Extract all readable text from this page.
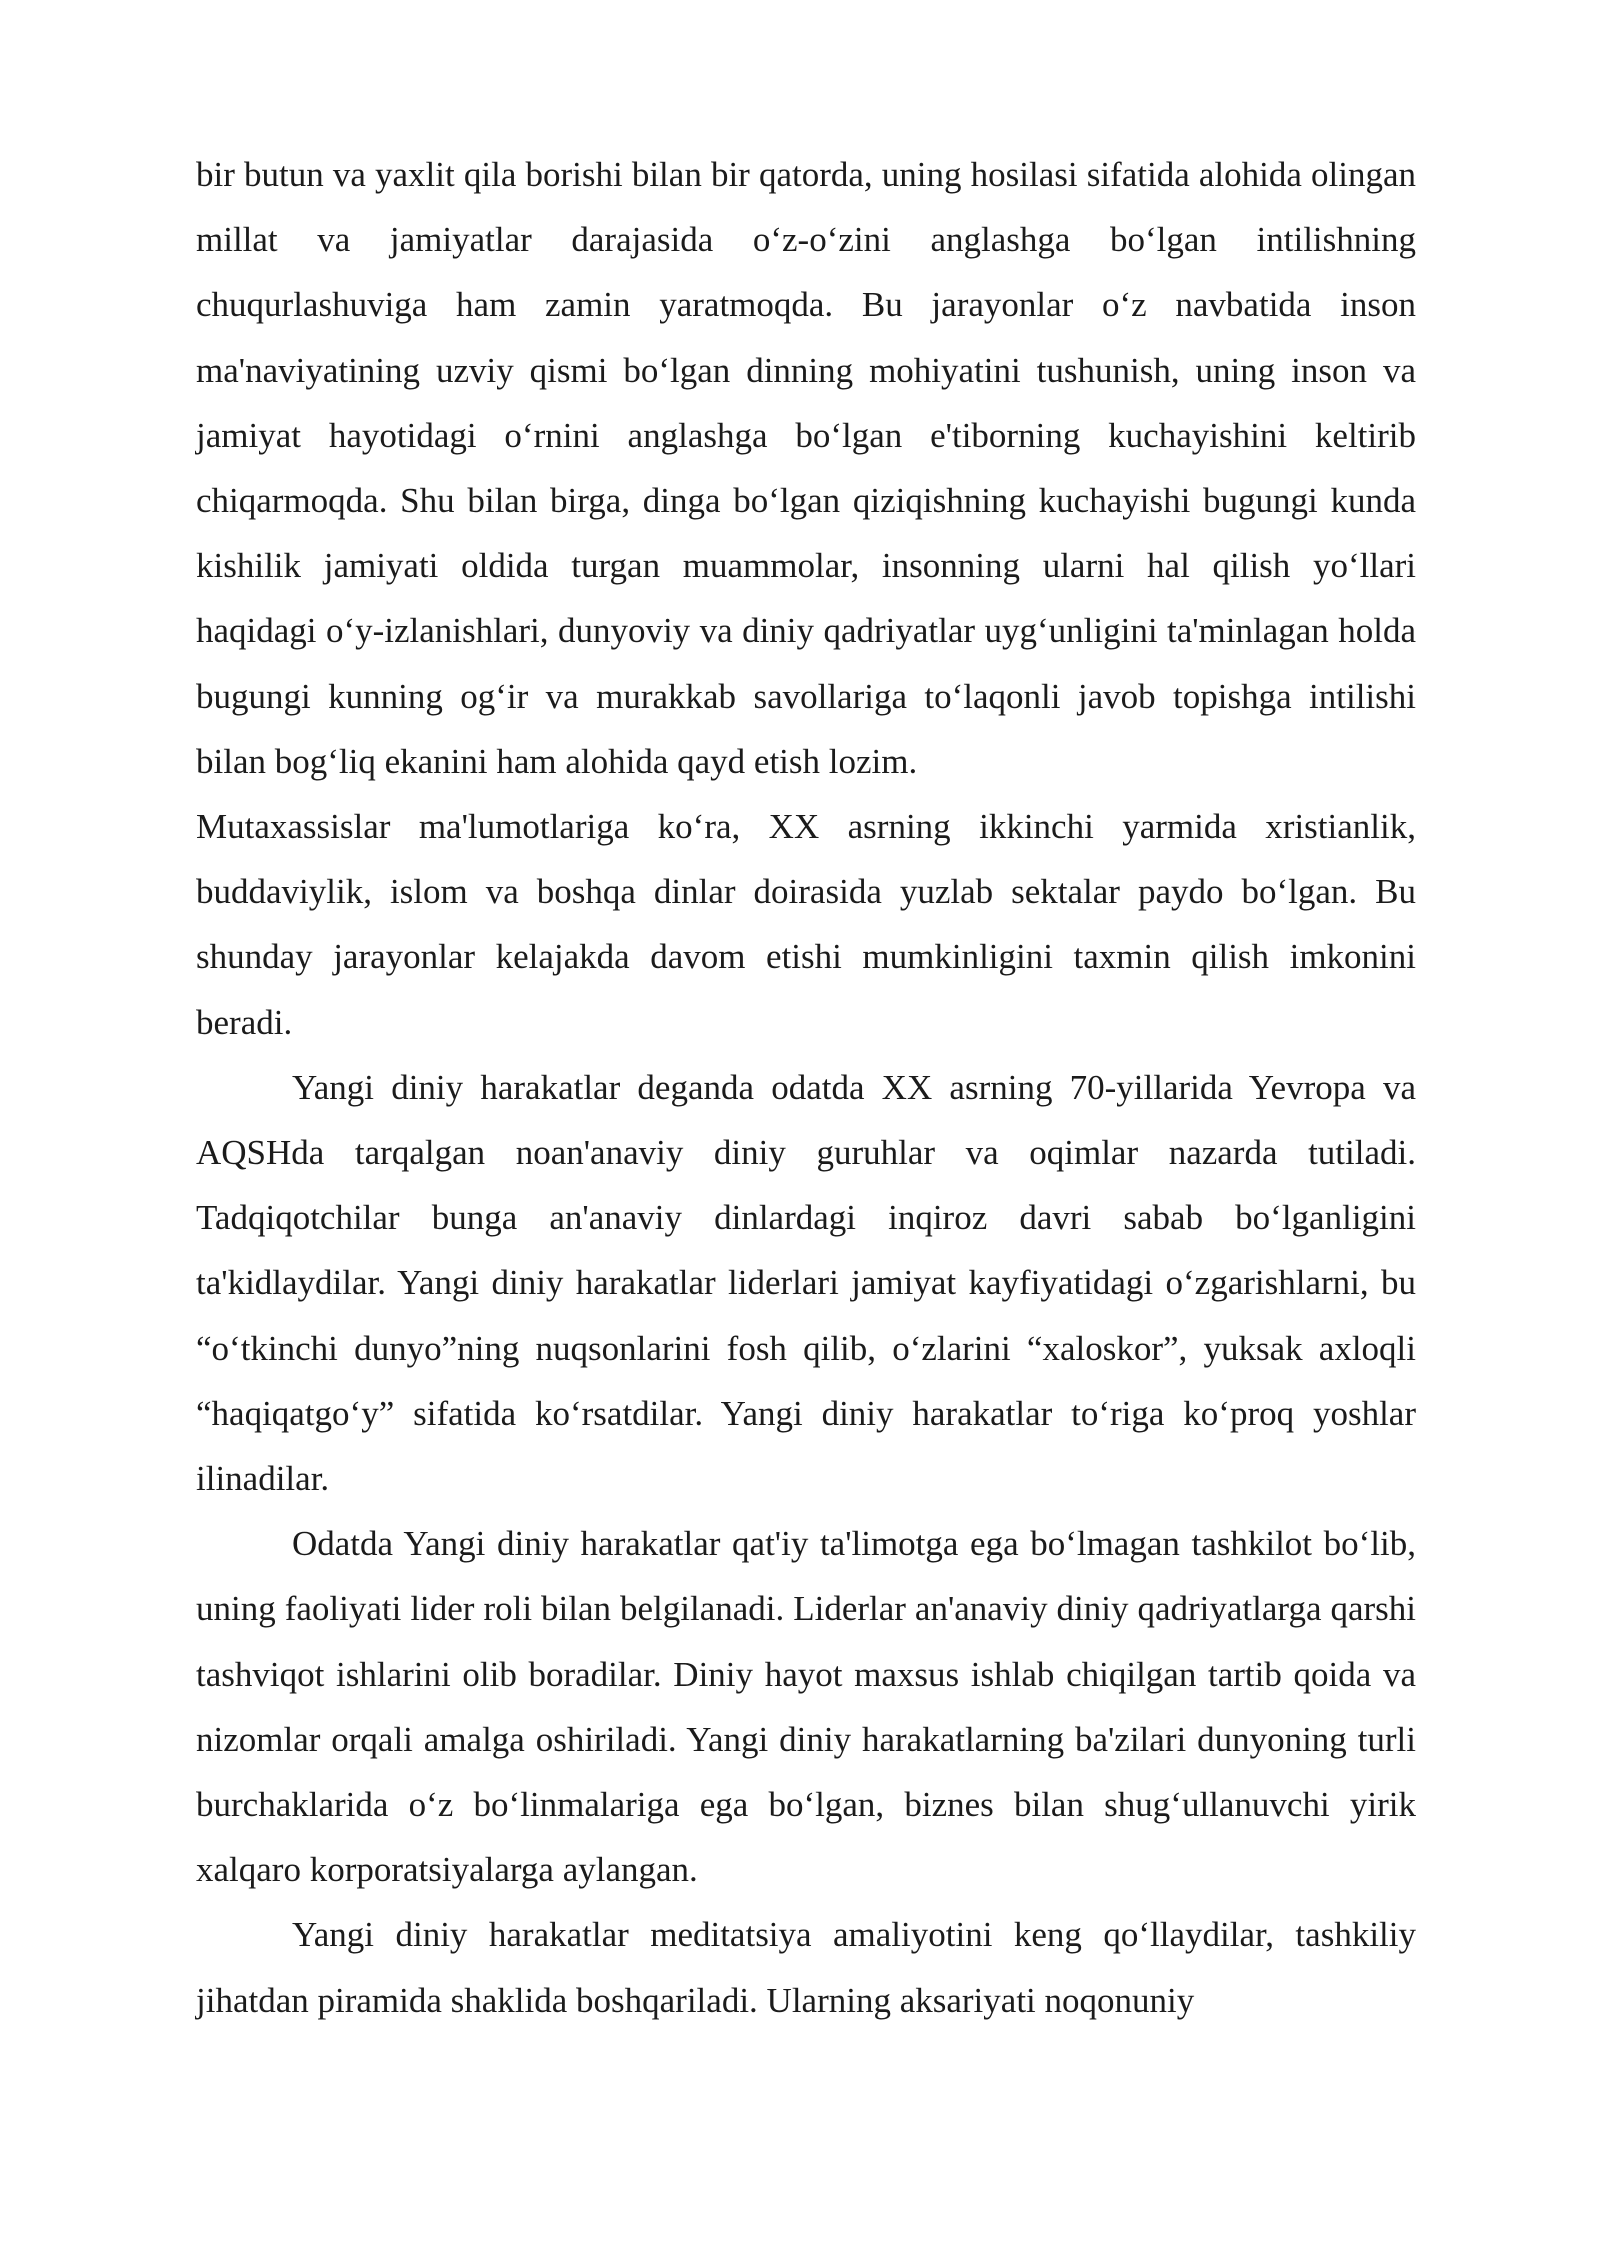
bir butun va yaxlit qila borishi bilan bir qatorda, uning hosilasi sifatida alohida olingan millat va jamiyatlar darajasida oʻz-oʻzini anglashga boʻlgan intilishning chuqurlashuviga ham zamin yaratmoqda. Bu jarayonlar oʻz navbatida inson ma'naviyatining uzviy qismi boʻlgan dinning mohiyatini tushunish, uning inson va jamiyat hayotidagi oʻrnini anglashga boʻlgan e'tiborning kuchayishini keltirib chiqarmoqda. Shu bilan birga, dinga boʻlgan qiziqishning kuchayishi bugungi kunda kishilik jamiyati oldida turgan muammolar, insonning ularni hal qilish yoʻllari haqidagi oʻy-izlanishlari, dunyoviy va diniy qadriyatlar uygʻunligini ta'minlagan holda bugungi kunning ogʻir va murakkab savollariga toʻlaqonli javob topishga intilishi bilan bogʻliq ekanini ham alohida qayd etish lozim.

Mutaxassislar ma'lumotlariga koʻra, XX asrning ikkinchi yarmida xristianlik, buddaviylik, islom va boshqa dinlar doirasida yuzlab sektalar paydo boʻlgan. Bu shunday jarayonlar kelajakda davom etishi mumkinligini taxmin qilish imkonini beradi.

Yangi diniy harakatlar deganda odatda XX asrning 70-yillarida Yevropa va AQSHda tarqalgan noan'anaviy diniy guruhlar va oqimlar nazarda tutiladi. Tadqiqotchilar bunga an'anaviy dinlardagi inqiroz davri sabab boʻlganligini ta'kidlaydilar. Yangi diniy harakatlar liderlari jamiyat kayfiyatidagi oʻzgarishlarni, bu “oʻtkinchi dunyo”ning nuqsonlarini fosh qilib, oʻzlarini “xaloskor”, yuksak axloqli “haqiqatgoʻy” sifatida koʻrsatdilar. Yangi diniy harakatlar toʻriga koʻproq yoshlar ilinadilar.

Odatda Yangi diniy harakatlar qat'iy ta'limotga ega boʻlmagan tashkilot boʻlib, uning faoliyati lider roli bilan belgilanadi. Liderlar an'anaviy diniy qadriyatlarga qarshi tashviqot ishlarini olib boradilar. Diniy hayot maxsus ishlab chiqilgan tartib qoida va nizomlar orqali amalga oshiriladi. Yangi diniy harakatlarning ba'zilari dunyoning turli burchaklarida oʻz boʻlinmalariga ega boʻlgan, biznes bilan shugʻullanuvchi yirik xalqaro korporatsiyalarga aylangan.

Yangi diniy harakatlar meditatsiya amaliyotini keng qoʻllaydilar, tashkiliy jihatdan piramida shaklida boshqariladi. Ularning aksariyati noqonuniy
